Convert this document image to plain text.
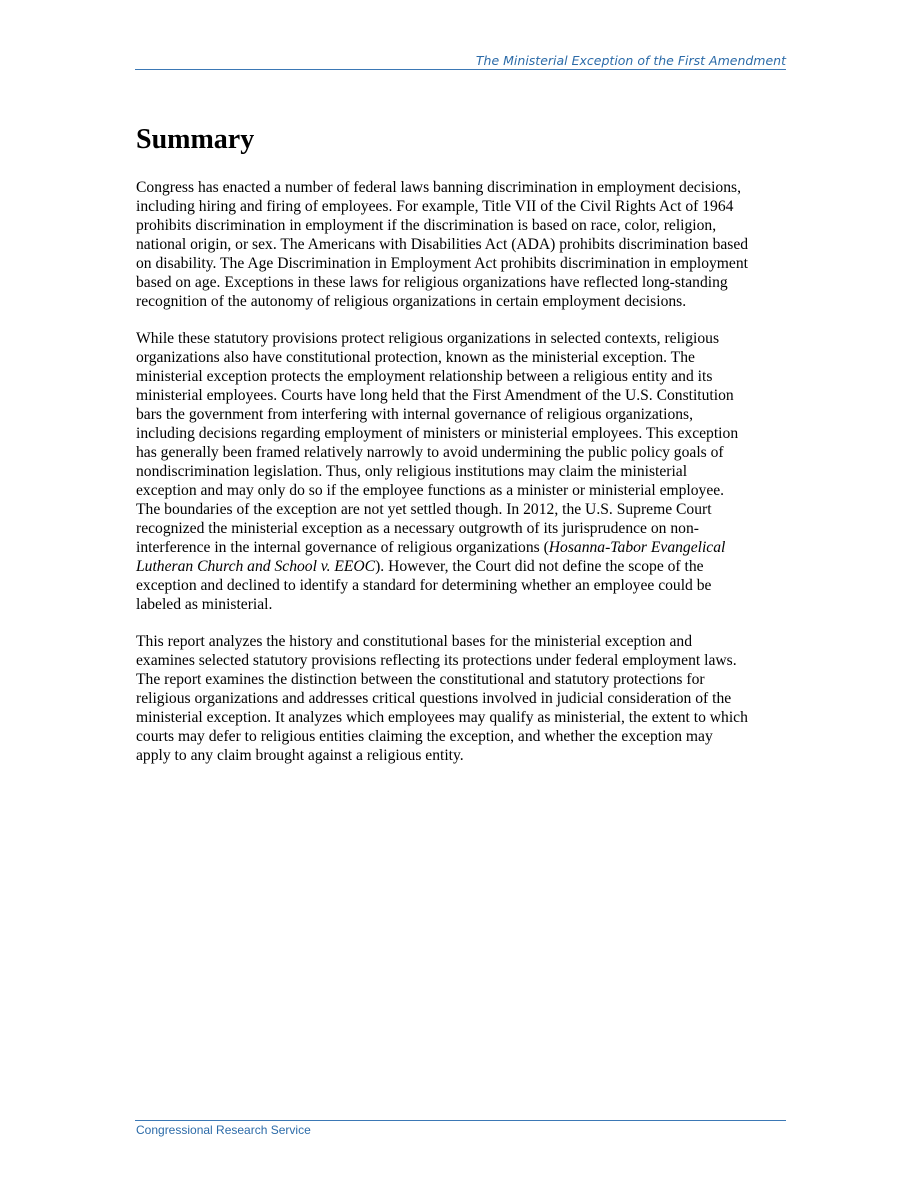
The Ministerial Exception of the First Amendment
Summary

Congress has enacted a number of federal laws banning discrimination in employment decisions,
including hiring and firing of employees. For example, Title VII of the Civil Rights Act of 1964
prohibits discrimination in employment if the discrimination is based on race, color, religion,
national origin, or sex. The Americans with Disabilities Act (ADA) prohibits discrimination based
on disability. The Age Discrimination in Employment Act prohibits discrimination in employment
based on age. Exceptions in these laws for religious organizations have reflected long-standing
recognition of the autonomy of religious organizations in certain employment decisions.

While these statutory provisions protect religious organizations in selected contexts, religious
organizations also have constitutional protection, known as the ministerial exception. The
ministerial exception protects the employment relationship between a religious entity and its
ministerial employees. Courts have long held that the First Amendment of the U.S. Constitution
bars the government from interfering with internal governance of religious organizations,
including decisions regarding employment of ministers or ministerial employees. This exception
has generally been framed relatively narrowly to avoid undermining the public policy goals of
nondiscrimination legislation. Thus, only religious institutions may claim the ministerial
exception and may only do so if the employee functions as a minister or ministerial employee.
The boundaries of the exception are not yet settled though. In 2012, the U.S. Supreme Court
recognized the ministerial exception as a necessary outgrowth of its jurisprudence on non-
interference in the internal governance of religious organizations (Hosanna-Tabor Evangelical
Lutheran Church and School v. EEOC). However, the Court did not define the scope of the
exception and declined to identify a standard for determining whether an employee could be
labeled as ministerial.

This report analyzes the history and constitutional bases for the ministerial exception and
examines selected statutory provisions reflecting its protections under federal employment laws.
The report examines the distinction between the constitutional and statutory protections for
religious organizations and addresses critical questions involved in judicial consideration of the
ministerial exception. It analyzes which employees may qualify as ministerial, the extent to which
courts may defer to religious entities claiming the exception, and whether the exception may
apply to any claim brought against a religious entity.

Congressional Research Service
